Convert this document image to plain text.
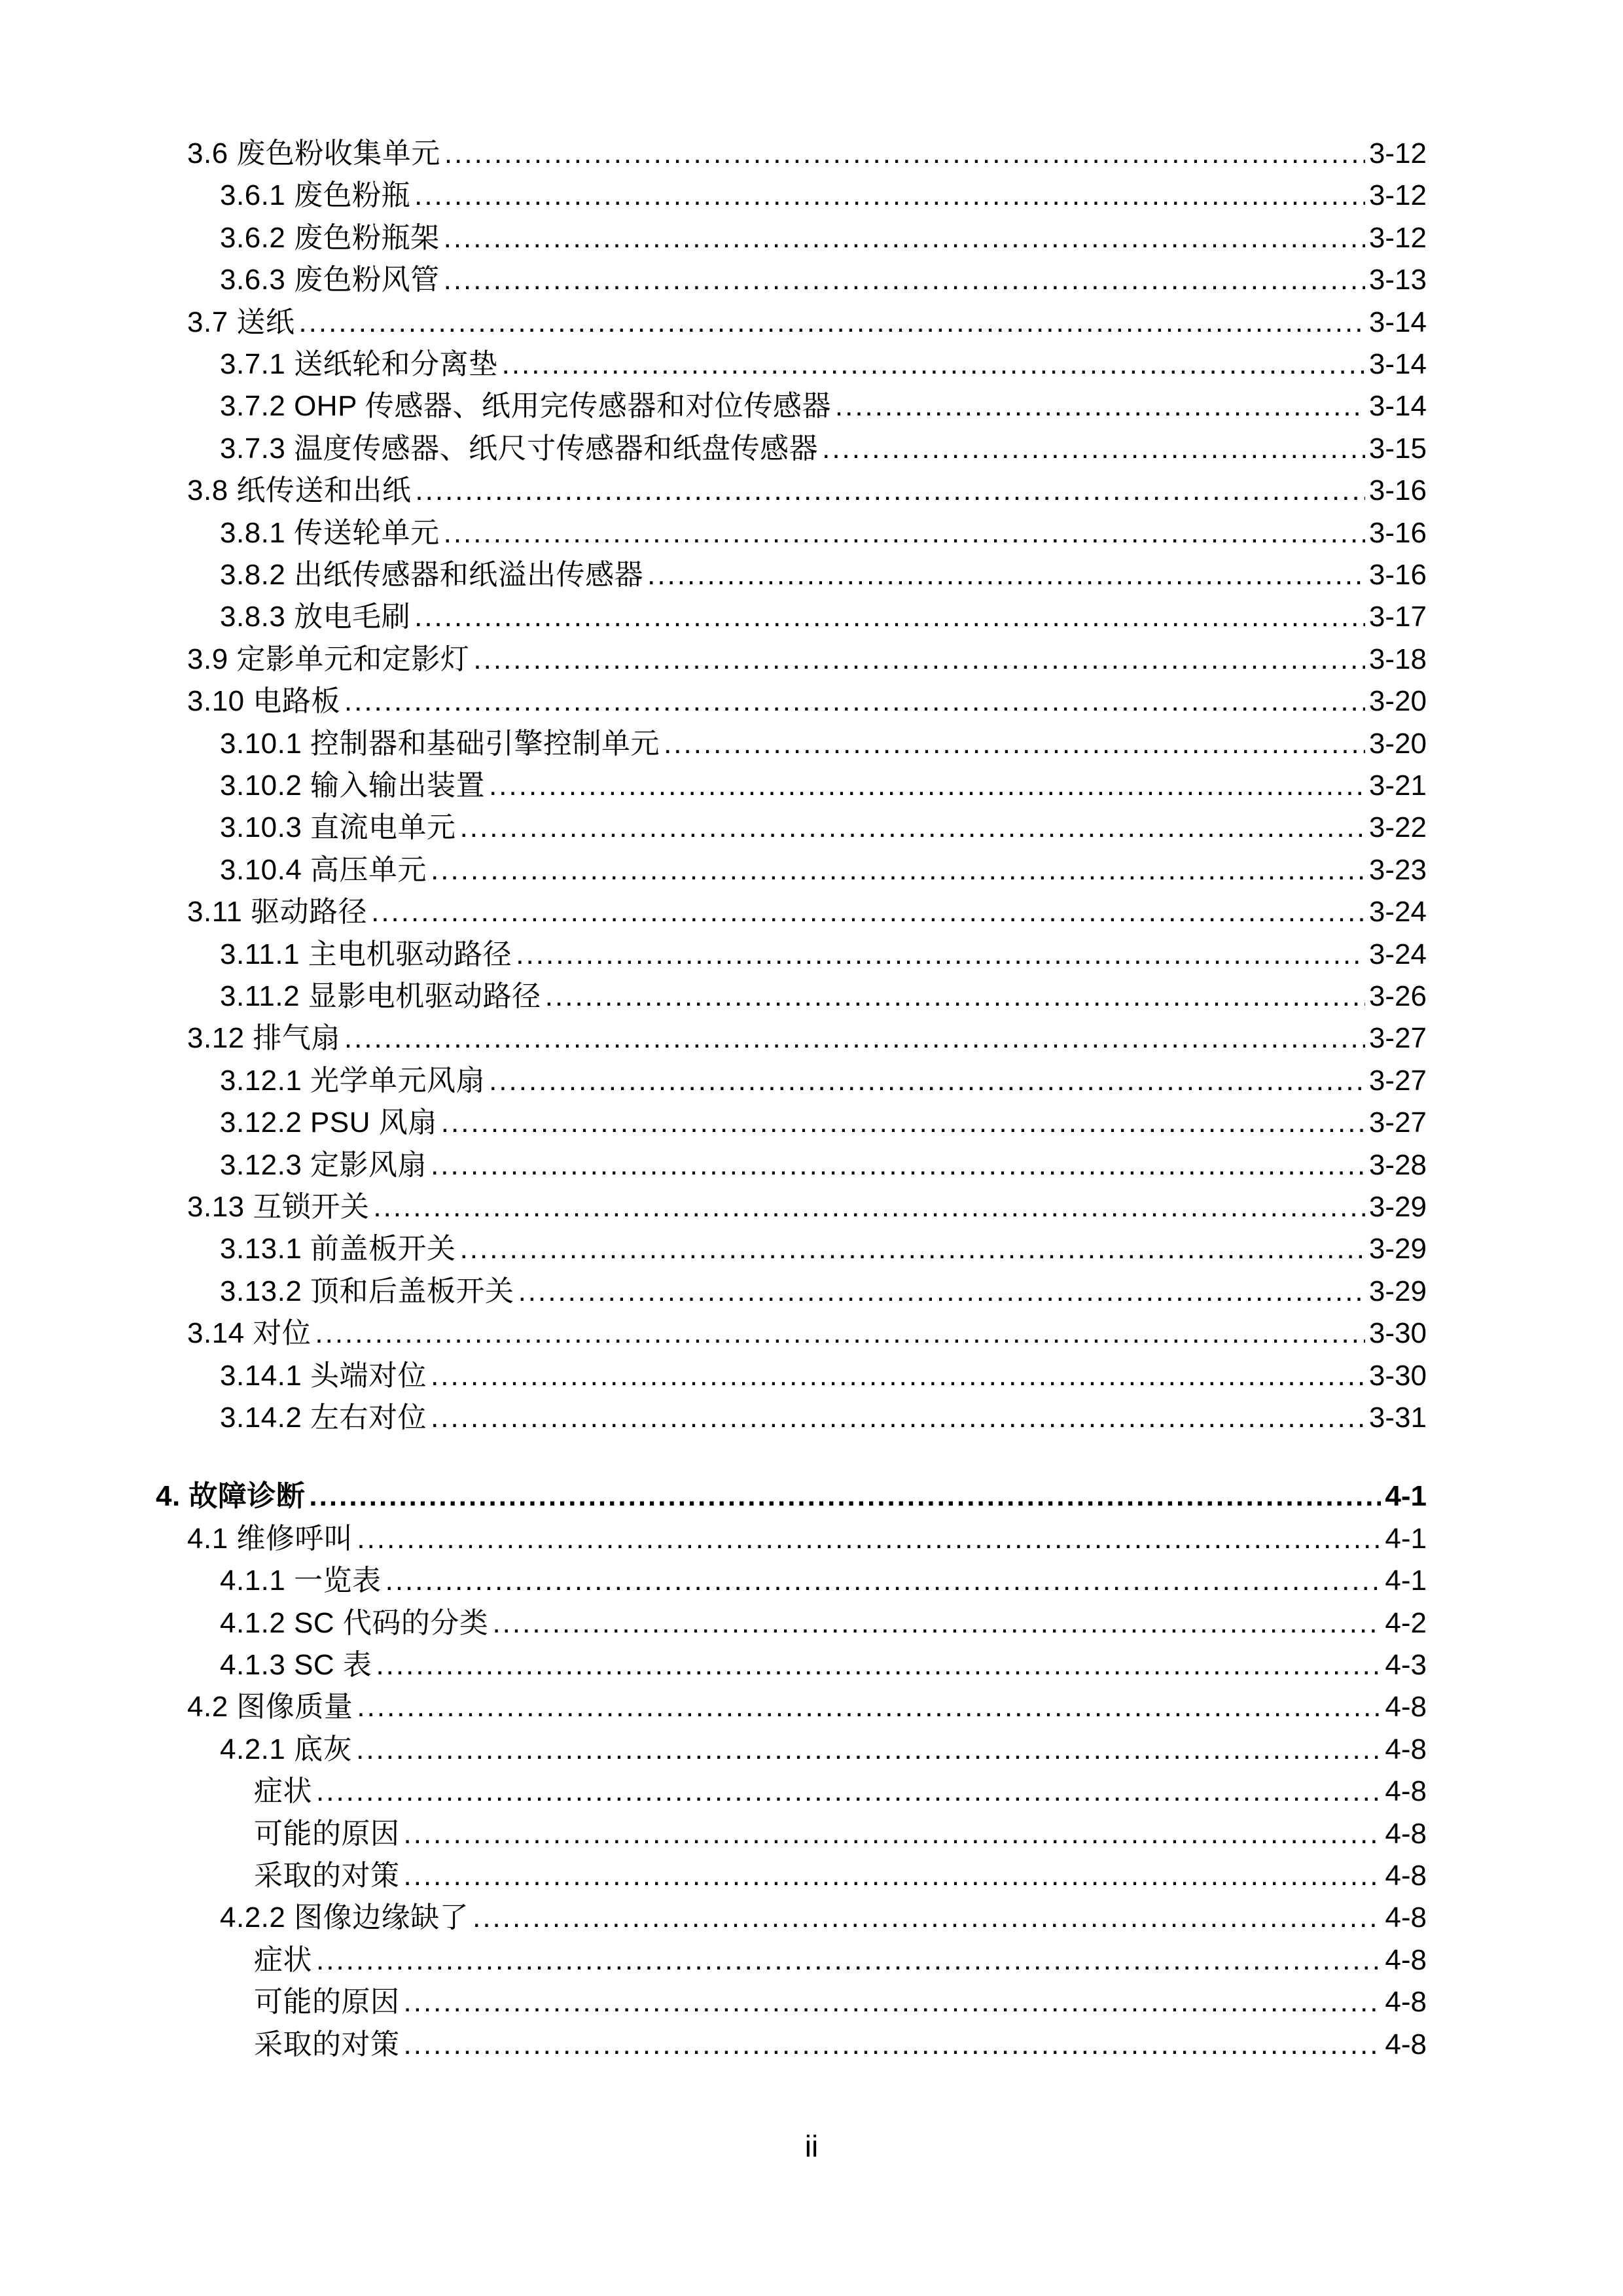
3.6 废色粉收集单元 .....	3-12
3.6.1 废色粉瓶 .....	3-12
3.6.2 废色粉瓶架 .....	3-12
3.6.3 废色粉风管 .....	3-13
3.7 送纸 .....	3-14
3.7.1 送纸轮和分离垫 .....	3-14
3.7.2 OHP 传感器、纸用完传感器和对位传感器 .....	3-14
3.7.3 温度传感器、纸尺寸传感器和纸盘传感器 .....	3-15
3.8 纸传送和出纸 .....	3-16
3.8.1 传送轮单元 .....	3-16
3.8.2 出纸传感器和纸溢出传感器 .....	3-16
3.8.3 放电毛刷 .....	3-17
3.9 定影单元和定影灯 .....	3-18
3.10 电路板 .....	3-20
3.10.1 控制器和基础引擎控制单元 .....	3-20
3.10.2 输入输出装置 .....	3-21
3.10.3 直流电单元 .....	3-22
3.10.4 高压单元 .....	3-23
3.11 驱动路径 .....	3-24
3.11.1 主电机驱动路径 .....	3-24
3.11.2 显影电机驱动路径 .....	3-26
3.12 排气扇 .....	3-27
3.12.1 光学单元风扇 .....	3-27
3.12.2 PSU 风扇 .....	3-27
3.12.3 定影风扇 .....	3-28
3.13 互锁开关 .....	3-29
3.13.1 前盖板开关 .....	3-29
3.13.2 顶和后盖板开关 .....	3-29
3.14 对位 .....	3-30
3.14.1 头端对位 .....	3-30
3.14.2 左右对位 .....	3-31
4. 故障诊断 .....	4-1
4.1 维修呼叫 .....	4-1
4.1.1 一览表 .....	4-1
4.1.2 SC 代码的分类 .....	4-2
4.1.3 SC 表 .....	4-3
4.2 图像质量 .....	4-8
4.2.1 底灰 .....	4-8
症状 .....	4-8
可能的原因 .....	4-8
采取的对策 .....	4-8
4.2.2 图像边缘缺了 .....	4-8
症状 .....	4-8
可能的原因 .....	4-8
采取的对策 .....	4-8
ii
